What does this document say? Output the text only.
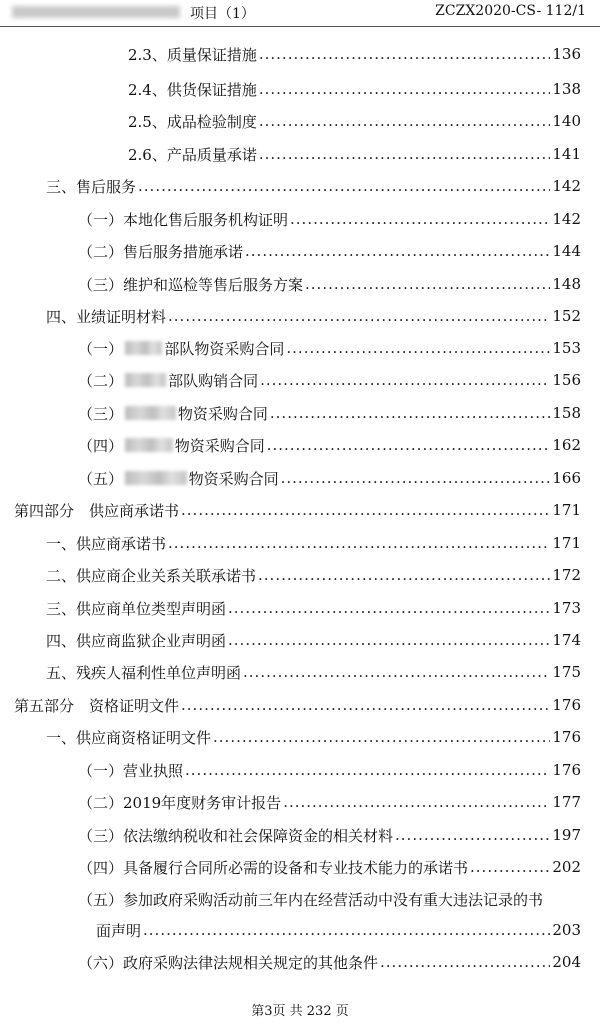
项目（1）	ZCZX2020-CS- 112/1
2.3、质量保证措施 .....	136
2.4、供货保证措施 .....	138
2.5、成品检验制度 .....	140
2.6、产品质量承诺 .....	141
三、售后服务 .....	142
（一）本地化售后服务机构证明 .....	142
（二）售后服务措施承诺 .....	144
（三）维护和巡检等售后服务方案 .....	148
四、业绩证明材料 .....	152
（一）	部队物资采购合同 .....	153
（二）	部队购销合同 .....	156
（三）	物资采购合同 .....	158
（四）	物资采购合同 .....	162
（五）	物资采购合同 .....	166
第四部分　供应商承诺书 .....	171
一、供应商承诺书 .....	171
二、供应商企业关系关联承诺书 .....	172
三、供应商单位类型声明函 .....	173
四、供应商监狱企业声明函 .....	174
五、残疾人福利性单位声明函 .....	175
第五部分　资格证明文件 .....	176
一、供应商资格证明文件 .....	176
（一）营业执照 .....	176
（二）2019年度财务审计报告 .....	177
（三）依法缴纳税收和社会保障资金的相关材料 .....	197
（四）具备履行合同所必需的设备和专业技术能力的承诺书 .....	202
（五）参加政府采购活动前三年内在经营活动中没有重大违法记录的书
面声明 .....	203
（六）政府采购法律法规相关规定的其他条件 .....	204
第3页 共 232 页
